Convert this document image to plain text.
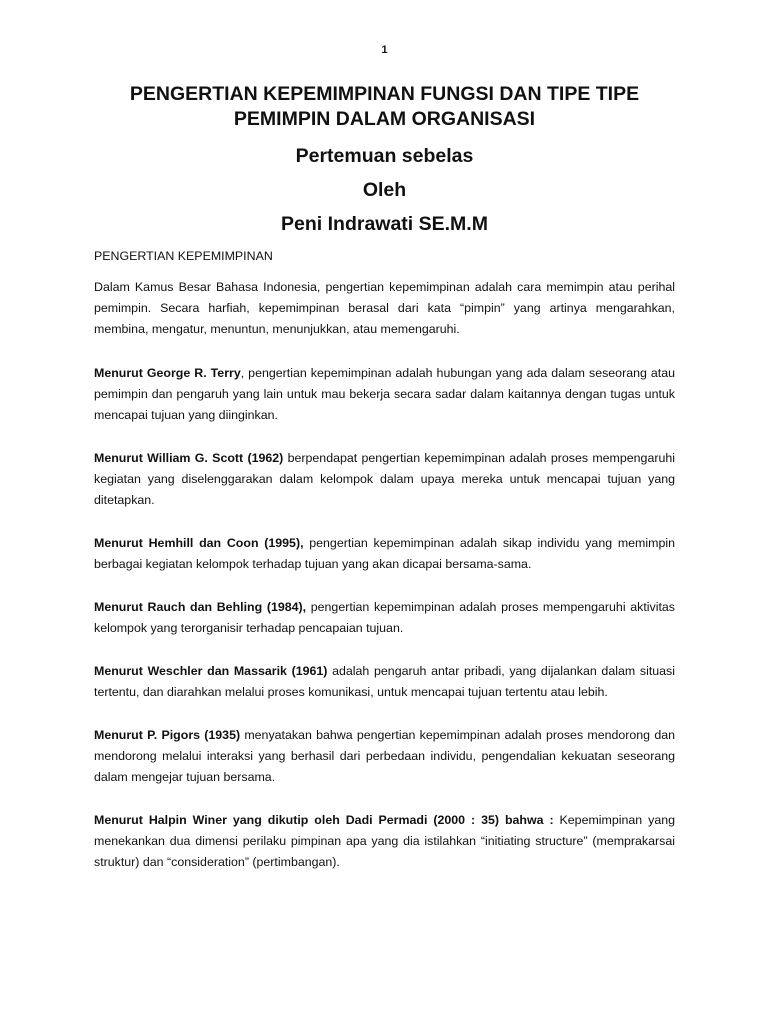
1
PENGERTIAN KEPEMIMPINAN FUNGSI DAN TIPE TIPE
PEMIMPIN DALAM ORGANISASI
Pertemuan sebelas
Oleh
Peni Indrawati SE.M.M
PENGERTIAN KEPEMIMPINAN

Dalam Kamus Besar Bahasa Indonesia, pengertian kepemimpinan adalah cara memimpin atau perihal pemimpin. Secara harfiah, kepemimpinan berasal dari kata “pimpin” yang artinya mengarahkan, membina, mengatur, menuntun, menunjukkan, atau memengaruhi.

Menurut George R. Terry, pengertian kepemimpinan adalah hubungan yang ada dalam seseorang atau pemimpin dan pengaruh yang lain untuk mau bekerja secara sadar dalam kaitannya dengan tugas untuk mencapai tujuan yang diinginkan.

Menurut William G. Scott (1962) berpendapat pengertian kepemimpinan adalah proses mempengaruhi kegiatan yang diselenggarakan dalam kelompok dalam upaya mereka untuk mencapai tujuan yang ditetapkan.

Menurut Hemhill dan Coon (1995), pengertian kepemimpinan adalah sikap individu yang memimpin berbagai kegiatan kelompok terhadap tujuan yang akan dicapai bersama-sama.

Menurut Rauch dan Behling (1984), pengertian kepemimpinan adalah proses mempengaruhi aktivitas kelompok yang terorganisir terhadap pencapaian tujuan.

Menurut Weschler dan Massarik (1961) adalah pengaruh antar pribadi, yang dijalankan dalam situasi tertentu, dan diarahkan melalui proses komunikasi, untuk mencapai tujuan tertentu atau lebih.

Menurut P. Pigors (1935) menyatakan bahwa pengertian kepemimpinan adalah proses mendorong dan mendorong melalui interaksi yang berhasil dari perbedaan individu, pengendalian kekuatan seseorang dalam mengejar tujuan bersama.

Menurut Halpin Winer yang dikutip oleh Dadi Permadi (2000 : 35) bahwa : Kepemimpinan yang menekankan dua dimensi perilaku pimpinan apa yang dia istilahkan “initiating structure” (memprakarsai struktur) dan “consideration” (pertimbangan).
